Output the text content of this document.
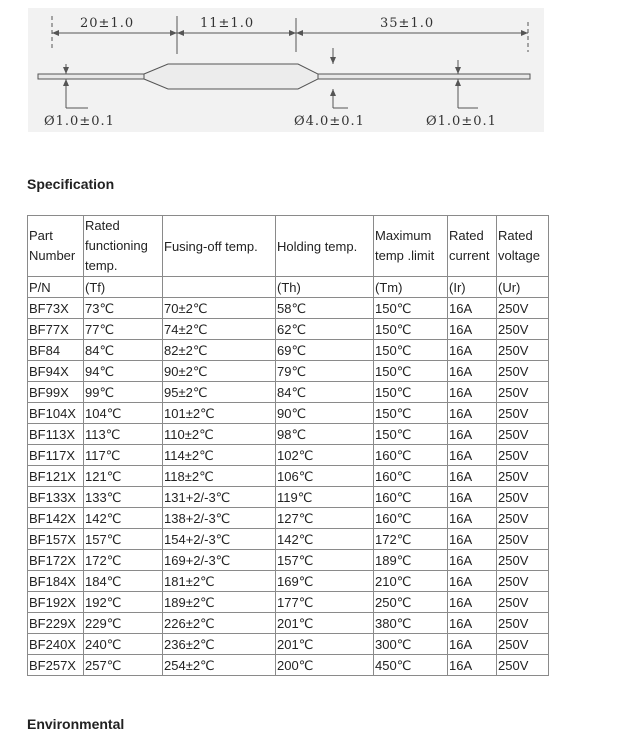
20±1.0	11±1.0	35±1.0
Ø1.0±0.1	Ø4.0±0.1	Ø1.0±0.1
Specification
Part Number	Rated functioning temp.	Fusing-off temp.	Holding temp.	Maximum temp .limit	Rated current	Rated voltage
P/N	(Tf)		(Th)	(Tm)	(Ir)	(Ur)
BF73X	73℃	70±2℃	58℃	150℃	16A	250V
BF77X	77℃	74±2℃	62℃	150℃	16A	250V
BF84	84℃	82±2℃	69℃	150℃	16A	250V
BF94X	94℃	90±2℃	79℃	150℃	16A	250V
BF99X	99℃	95±2℃	84℃	150℃	16A	250V
BF104X	104℃	101±2℃	90℃	150℃	16A	250V
BF113X	113℃	110±2℃	98℃	150℃	16A	250V
BF117X	117℃	114±2℃	102℃	160℃	16A	250V
BF121X	121℃	118±2℃	106℃	160℃	16A	250V
BF133X	133℃	131+2/-3℃	119℃	160℃	16A	250V
BF142X	142℃	138+2/-3℃	127℃	160℃	16A	250V
BF157X	157℃	154+2/-3℃	142℃	172℃	16A	250V
BF172X	172℃	169+2/-3℃	157℃	189℃	16A	250V
BF184X	184℃	181±2℃	169℃	210℃	16A	250V
BF192X	192℃	189±2℃	177℃	250℃	16A	250V
BF229X	229℃	226±2℃	201℃	380℃	16A	250V
BF240X	240℃	236±2℃	201℃	300℃	16A	250V
BF257X	257℃	254±2℃	200℃	450℃	16A	250V
Environmental
